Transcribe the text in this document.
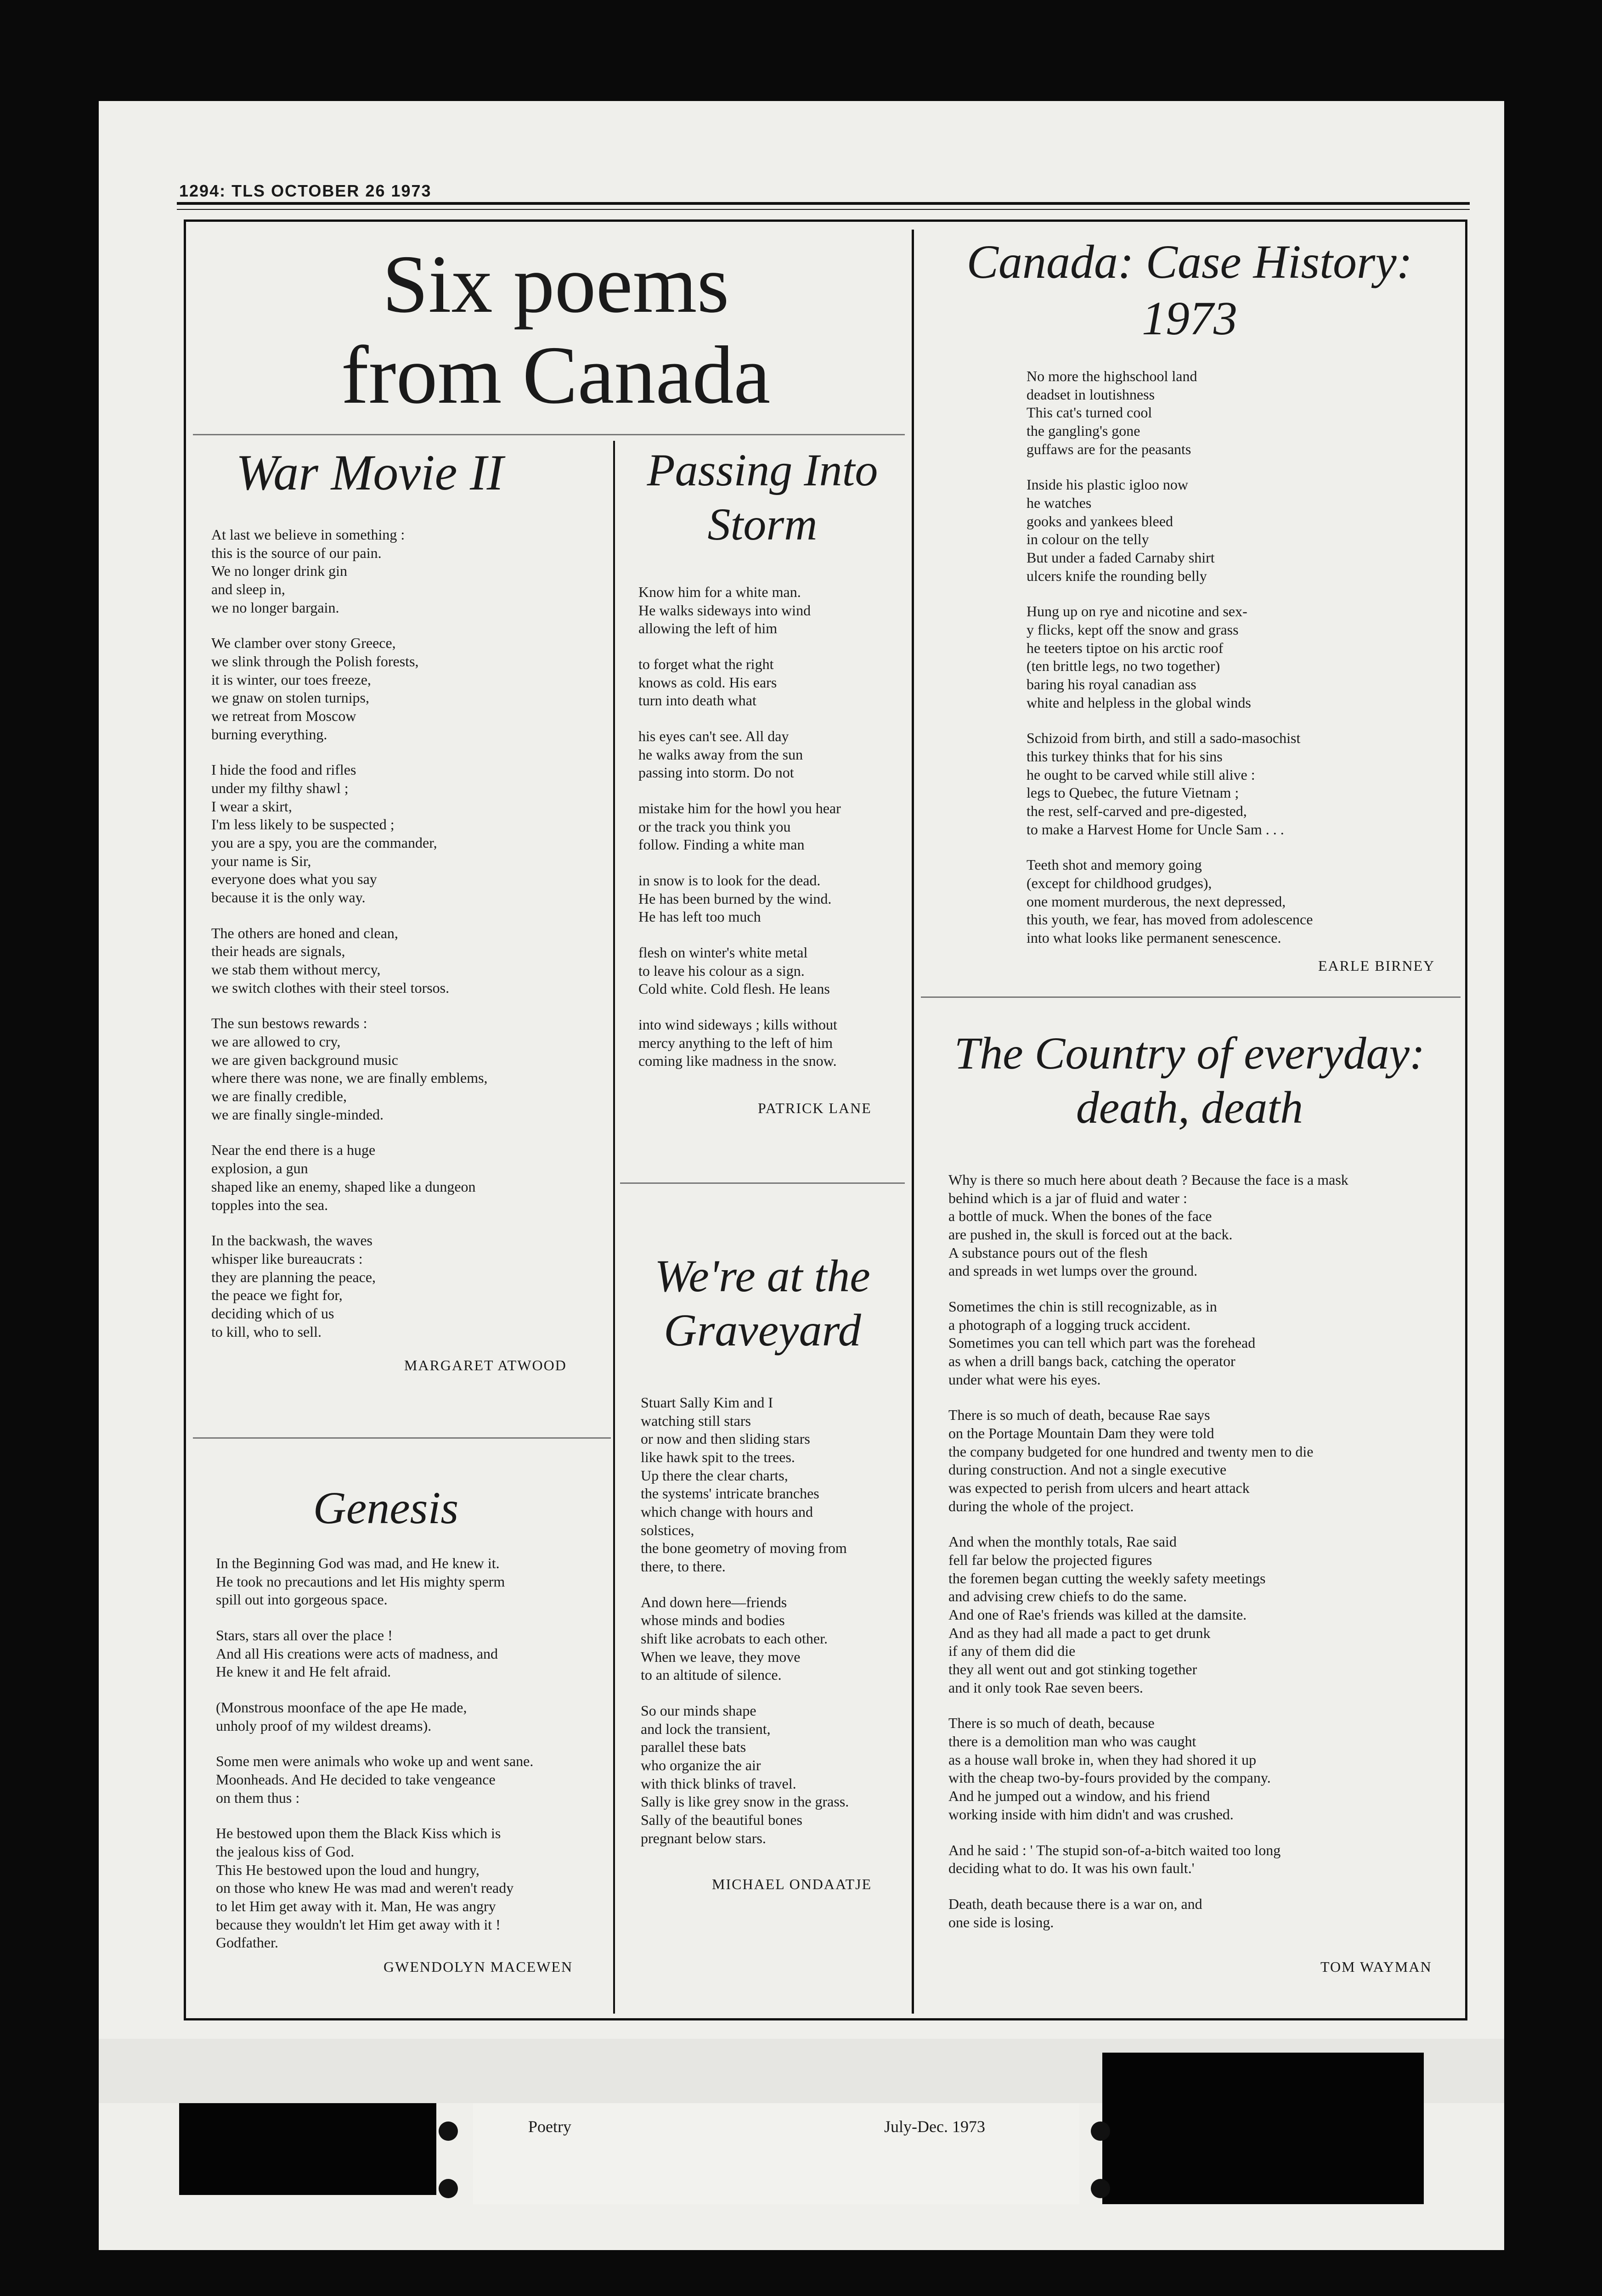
1294: TLS OCTOBER 26 1973
Six poems
from Canada
War Movie II
At last we believe in something :
this is the source of our pain.
We no longer drink gin
and sleep in,
we no longer bargain.
We clamber over stony Greece,
we slink through the Polish forests,
it is winter, our toes freeze,
we gnaw on stolen turnips,
we retreat from Moscow
burning everything.
I hide the food and rifles
under my filthy shawl ;
I wear a skirt,
I'm less likely to be suspected ;
you are a spy, you are the commander,
your name is Sir,
everyone does what you say
because it is the only way.
The others are honed and clean,
their heads are signals,
we stab them without mercy,
we switch clothes with their steel torsos.
The sun bestows rewards :
we are allowed to cry,
we are given background music
where there was none, we are finally emblems,
we are finally credible,
we are finally single-minded.
Near the end there is a huge
explosion, a gun
shaped like an enemy, shaped like a dungeon
topples into the sea.
In the backwash, the waves
whisper like bureaucrats :
they are planning the peace,
the peace we fight for,
deciding which of us
to kill, who to sell.
MARGARET ATWOOD
Passing Into
Storm
Know him for a white man.
He walks sideways into wind
allowing the left of him
to forget what the right
knows as cold. His ears
turn into death what
his eyes can't see. All day
he walks away from the sun
passing into storm. Do not
mistake him for the howl you hear
or the track you think you
follow. Finding a white man
in snow is to look for the dead.
He has been burned by the wind.
He has left too much
flesh on winter's white metal
to leave his colour as a sign.
Cold white. Cold flesh. He leans
into wind sideways ; kills without
mercy anything to the left of him
coming like madness in the snow.
PATRICK LANE
Genesis
In the Beginning God was mad, and He knew it.
He took no precautions and let His mighty sperm
spill out into gorgeous space.
Stars, stars all over the place !
And all His creations were acts of madness, and
He knew it and He felt afraid.
(Monstrous moonface of the ape He made,
unholy proof of my wildest dreams).
Some men were animals who woke up and went sane.
Moonheads. And He decided to take vengeance
on them thus :
He bestowed upon them the Black Kiss which is
the jealous kiss of God.
This He bestowed upon the loud and hungry,
on those who knew He was mad and weren't ready
to let Him get away with it. Man, He was angry
because they wouldn't let Him get away with it !
Godfather.
GWENDOLYN MACEWEN
We're at the
Graveyard
Stuart Sally Kim and I
watching still stars
or now and then sliding stars
like hawk spit to the trees.
Up there the clear charts,
the systems' intricate branches
which change with hours and
solstices,
the bone geometry of moving from
there, to there.
And down here—friends
whose minds and bodies
shift like acrobats to each other.
When we leave, they move
to an altitude of silence.
So our minds shape
and lock the transient,
parallel these bats
who organize the air
with thick blinks of travel.
Sally is like grey snow in the grass.
Sally of the beautiful bones
pregnant below stars.
MICHAEL ONDAATJE
Canada: Case History:
1973
No more the highschool land
deadset in loutishness
This cat's turned cool
the gangling's gone
guffaws are for the peasants
Inside his plastic igloo now
he watches
gooks and yankees bleed
in colour on the telly
But under a faded Carnaby shirt
ulcers knife the rounding belly
Hung up on rye and nicotine and sex-
y flicks, kept off the snow and grass
he teeters tiptoe on his arctic roof
(ten brittle legs, no two together)
baring his royal canadian ass
white and helpless in the global winds
Schizoid from birth, and still a sado-masochist
this turkey thinks that for his sins
he ought to be carved while still alive :
legs to Quebec, the future Vietnam ;
the rest, self-carved and pre-digested,
to make a Harvest Home for Uncle Sam . . .
Teeth shot and memory going
(except for childhood grudges),
one moment murderous, the next depressed,
this youth, we fear, has moved from adolescence
into what looks like permanent senescence.
EARLE BIRNEY
The Country of everyday:
death, death
Why is there so much here about death ? Because the face is a mask
behind which is a jar of fluid and water :
a bottle of muck. When the bones of the face
are pushed in, the skull is forced out at the back.
A substance pours out of the flesh
and spreads in wet lumps over the ground.
Sometimes the chin is still recognizable, as in
a photograph of a logging truck accident.
Sometimes you can tell which part was the forehead
as when a drill bangs back, catching the operator
under what were his eyes.
There is so much of death, because Rae says
on the Portage Mountain Dam they were told
the company budgeted for one hundred and twenty men to die
during construction. And not a single executive
was expected to perish from ulcers and heart attack
during the whole of the project.
And when the monthly totals, Rae said
fell far below the projected figures
the foremen began cutting the weekly safety meetings
and advising crew chiefs to do the same.
And one of Rae's friends was killed at the damsite.
And as they had all made a pact to get drunk
if any of them did die
they all went out and got stinking together
and it only took Rae seven beers.
There is so much of death, because
there is a demolition man who was caught
as a house wall broke in, when they had shored it up
with the cheap two-by-fours provided by the company.
And he jumped out a window, and his friend
working inside with him didn't and was crushed.
And he said : ' The stupid son-of-a-bitch waited too long
deciding what to do. It was his own fault.'
Death, death because there is a war on, and
one side is losing.
TOM WAYMAN
Poetry	July-Dec. 1973
